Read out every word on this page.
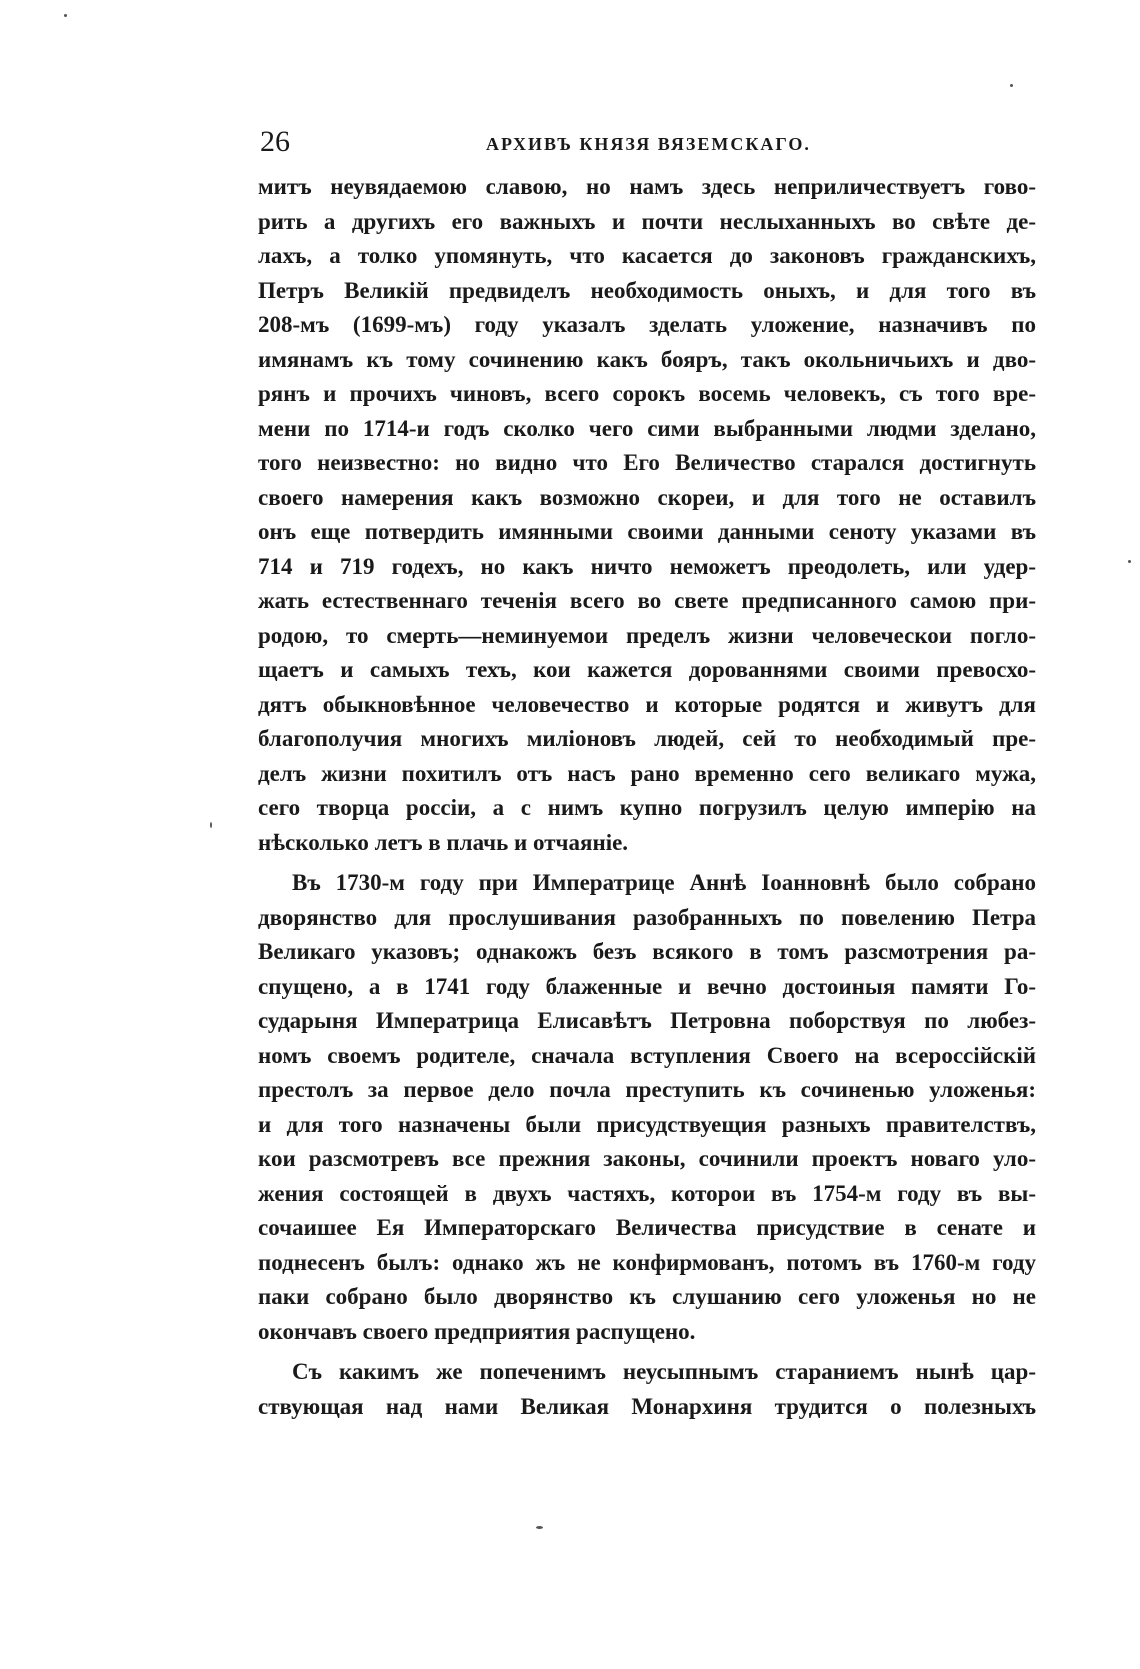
26	АРХИВЪ КНЯЗЯ ВЯЗЕМСКАГО.
митъ неувядаемою славою, но намъ здесь неприличествуетъ гово-
рить а другихъ его важныхъ и почти неслыханныхъ во свѣте де-
лахъ, а толко упомянуть, что касается до законовъ гражданскихъ,
Петръ Великій предвиделъ необходимость оныхъ, и для того въ
208-мъ (1699-мъ) году указалъ зделать уложение, назначивъ по
имянамъ къ тому сочинению какъ бояръ, такъ окольничьихъ и дво-
рянъ и прочихъ чиновъ, всего сорокъ восемь человекъ, съ того вре-
мени по 1714-и годъ сколко чего сими выбранными людми зделано,
того неизвестно: но видно что Его Величество старался достигнуть
своего намерения какъ возможно скореи, и для того не оставилъ
онъ еще потвердить имянными своими данными сеноту указами въ
714 и 719 годехъ, но какъ ничто неможетъ преодолеть, или удер-
жать естественнаго теченія всего во свете предписанного самою при-
родою, то смерть—неминуемои пределъ жизни человеческои погло-
щаетъ и самыхъ техъ, кои кажется дорованнями своими превосхо-
дятъ обыкновѣнное человечество и которые родятся и живутъ для
благополучия многихъ миліоновъ людей, сей то необходимый пре-
делъ жизни похитилъ отъ насъ рано временно сего великаго мужа,
сего творца россіи, а с нимъ купно погрузилъ целую имперію на
нѣсколько летъ в плачь и отчаяніе.
Въ 1730-м году при Императрице Аннѣ Іоанновнѣ было собрано
дворянство для прослушивания разобранныхъ по повелению Петра
Великаго указовъ; однакожъ безъ всякого в томъ разсмотрения ра-
спущено, а в 1741 году блаженные и вечно достоиныя памяти Го-
сударыня Императрица Елисавѣтъ Петровна поборствуя по любез-
номъ своемъ родителе, сначала вступления Своего на всероссійскій
престолъ за первое дело почла преступить къ сочиненью уложенья:
и для того назначены были присудствуещия разныхъ правителствъ,
кои разсмотревъ все прежния законы, сочинили проектъ новаго уло-
жения состоящей в двухъ частяхъ, которои въ 1754-м году въ вы-
сочаишее Ея Императорскаго Величества присудствие в сенате и
поднесенъ былъ: однако жъ не конфирмованъ, потомъ въ 1760-м году
паки собрано было дворянство къ слушанию сего уложенья но не
окончавъ своего предприятия распущено.
Съ какимъ же попеченимъ неусыпнымъ стараниемъ нынѣ цар-
ствующая над нами Великая Монархиня трудится о полезныхъ
